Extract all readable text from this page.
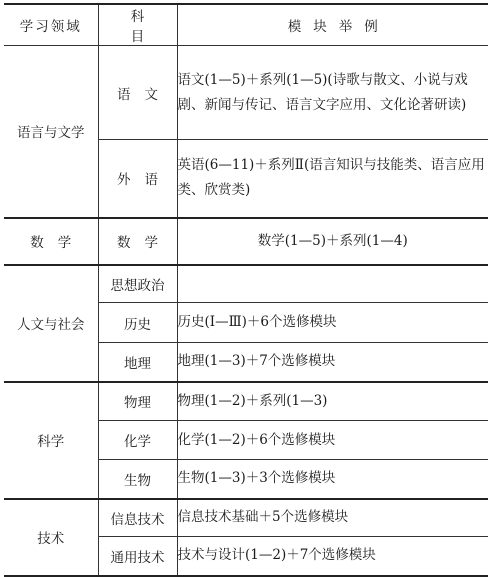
学习领域	科目	模块举例
语言与文学	语文	语文(1—5)＋系列(1—5)(诗歌与散文、小说与戏剧、新闻与传记、语言文字应用、文化论著研读)
	外语	英语(6—11)＋系列Ⅱ(语言知识与技能类、语言应用类、欣赏类)
数学	数学	数学(1—5)＋系列(1—4)
人文与社会	思想政治	
	历史	历史(Ⅰ—Ⅲ)＋6个选修模块
	地理	地理(1—3)＋7个选修模块
科学	物理	物理(1—2)＋系列(1—3)
	化学	化学(1—2)＋6个选修模块
	生物	生物(1—3)＋3个选修模块
技术	信息技术	信息技术基础＋5个选修模块
	通用技术	技术与设计(1—2)＋7个选修模块
